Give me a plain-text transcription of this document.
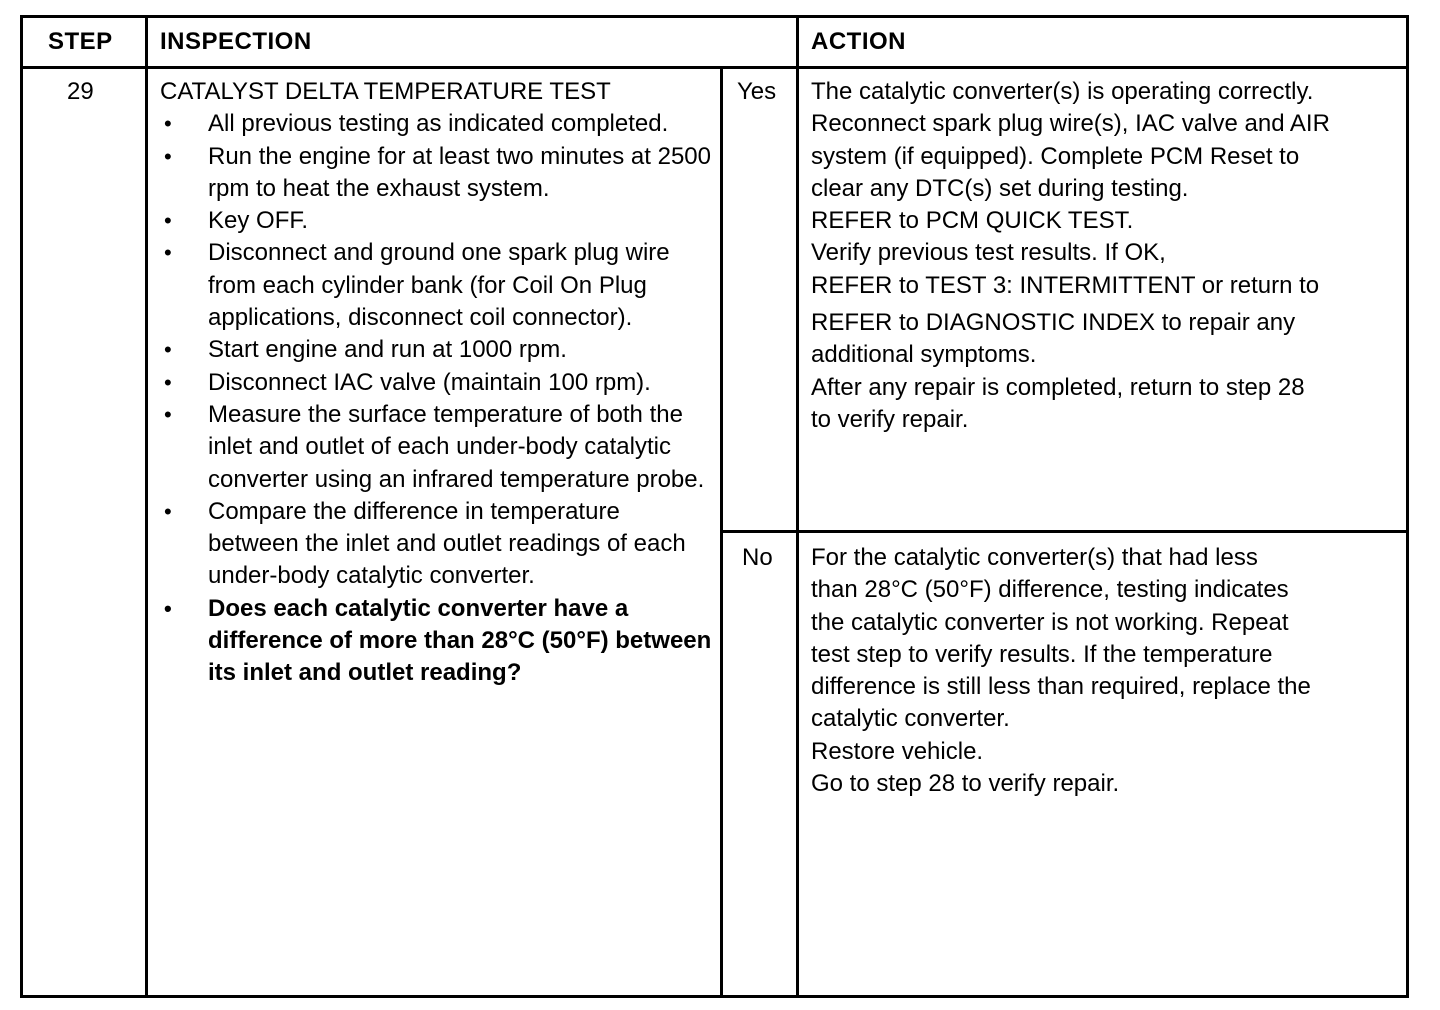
STEP INSPECTION	ACTION
29	CATALYST DELTA TEMPERATURE TEST
• All previous testing as indicated completed.
• Run the engine for at least two minutes at 2500 rpm to heat the exhaust system.
• Key OFF.
• Disconnect and ground one spark plug wire from each cylinder bank (for Coil On Plug applications, disconnect coil connector).
• Start engine and run at 1000 rpm.
• Disconnect IAC valve (maintain 100 rpm).
• Measure the surface temperature of both the inlet and outlet of each under-body catalytic converter using an infrared temperature probe.
• Compare the difference in temperature between the inlet and outlet readings of each under-body catalytic converter.
• Does each catalytic converter have a difference of more than 28°C (50°F) between its inlet and outlet reading?
Yes
No
The catalytic converter(s) is operating correctly.
Reconnect spark plug wire(s), IAC valve and AIR
system (if equipped). Complete PCM Reset to
clear any DTC(s) set during testing.
REFER to PCM QUICK TEST.
Verify previous test results. If OK,
REFER to TEST 3: INTERMITTENT or return to
REFER to DIAGNOSTIC INDEX to repair any
additional symptoms.
After any repair is completed, return to step 28
to verify repair.
For the catalytic converter(s) that had less
than 28°C (50°F) difference, testing indicates
the catalytic converter is not working. Repeat
test step to verify results. If the temperature
difference is still less than required, replace the
catalytic converter.
Restore vehicle.
Go to step 28 to verify repair.
